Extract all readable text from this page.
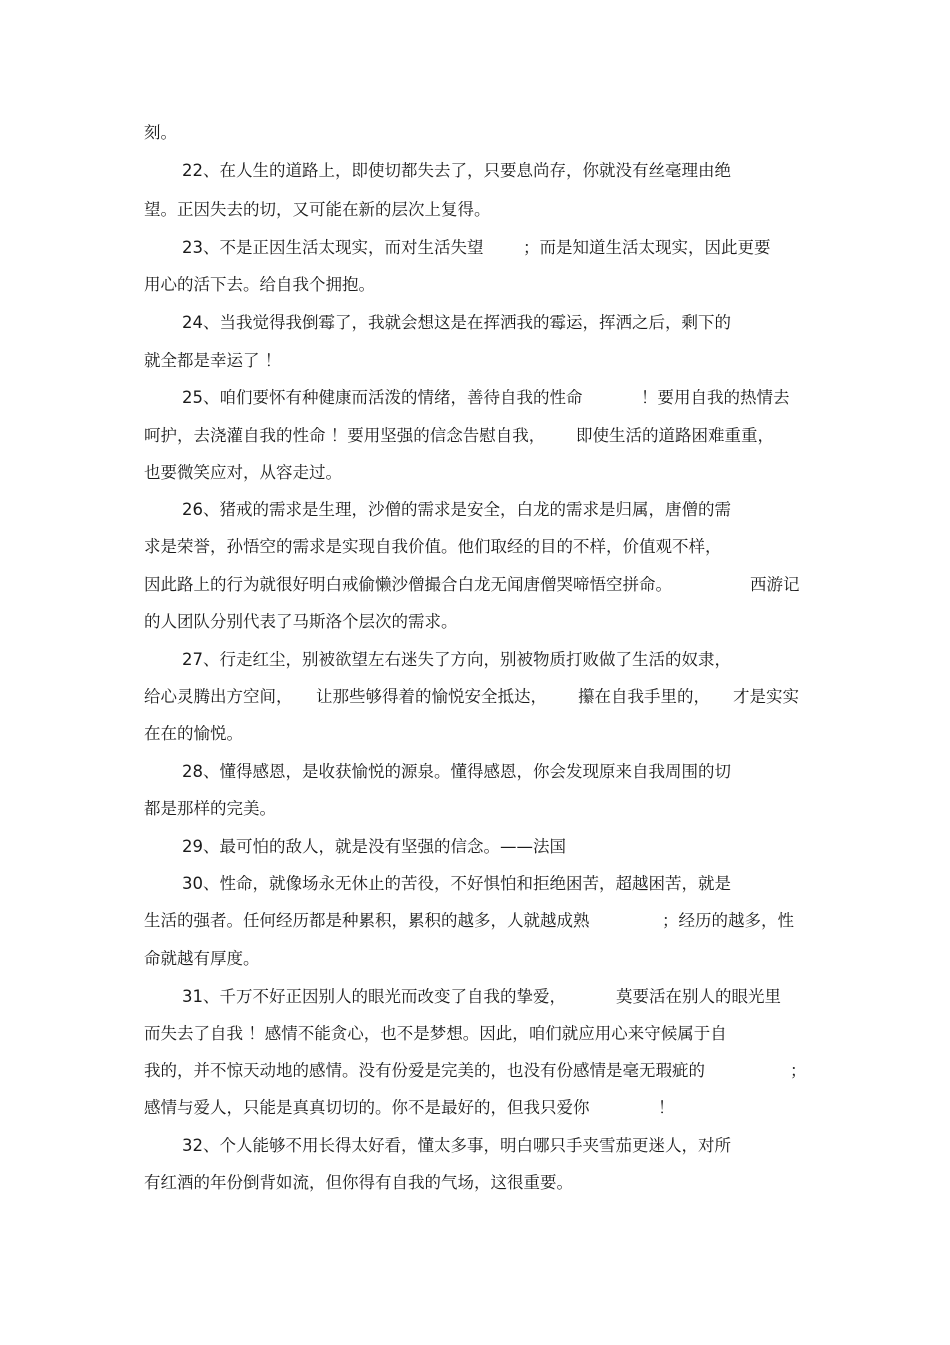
刻。
22、在人生的道路上，即使切都失去了，只要息尚存，你就没有丝毫理由绝
望。正因失去的切，又可能在新的层次上复得。
23、不是正因生活太现实，而对生活失望 ；而是知道生活太现实，因此更要
用心的活下去。给自我个拥抱。
24、当我觉得我倒霉了，我就会想这是在挥洒我的霉运，挥洒之后，剩下的
就全都是幸运了 ！
25、咱们要怀有种健康而活泼的情绪，善待自我的性命	！要用自我的热情去
呵护，去浇灌自我的性命 ！要用坚强的信念告慰自我， 即使生活的道路困难重重，
也要微笑应对，从容走过。
26、猪戒的需求是生理，沙僧的需求是安全，白龙的需求是归属，唐僧的需
求是荣誉，孙悟空的需求是实现自我价值。他们取经的目的不样，价值观不样，
因此路上的行为就很好明白戒偷懒沙僧撮合白龙无闻唐僧哭啼悟空拼命。	西游记
的人团队分别代表了马斯洛个层次的需求。
27、行走红尘，别被欲望左右迷失了方向，别被物质打败做了生活的奴隶，
给心灵腾出方空间， 让那些够得着的愉悦安全抵达， 攥在自我手里的， 才是实实
在在的愉悦。
28、懂得感恩，是收获愉悦的源泉。懂得感恩，你会发现原来自我周围的切
都是那样的完美。
29、最可怕的敌人，就是没有坚强的信念。——法国
30、性命，就像场永无休止的苦役，不好惧怕和拒绝困苦，超越困苦，就是
生活的强者。任何经历都是种累积，累积的越多，人就越成熟	；经历的越多，性
命就越有厚度。
31、千万不好正因别人的眼光而改变了自我的挚爱，	莫要活在别人的眼光里
而失去了自我 ！感情不能贪心，也不是梦想。因此，咱们就应用心来守候属于自
我的，并不惊天动地的感情。没有份爱是完美的，也没有份感情是毫无瑕疵的	；
感情与爱人，只能是真真切切的。你不是最好的，但我只爱你	！
32、个人能够不用长得太好看，懂太多事，明白哪只手夹雪茄更迷人，对所
有红酒的年份倒背如流，但你得有自我的气场，这很重要。
